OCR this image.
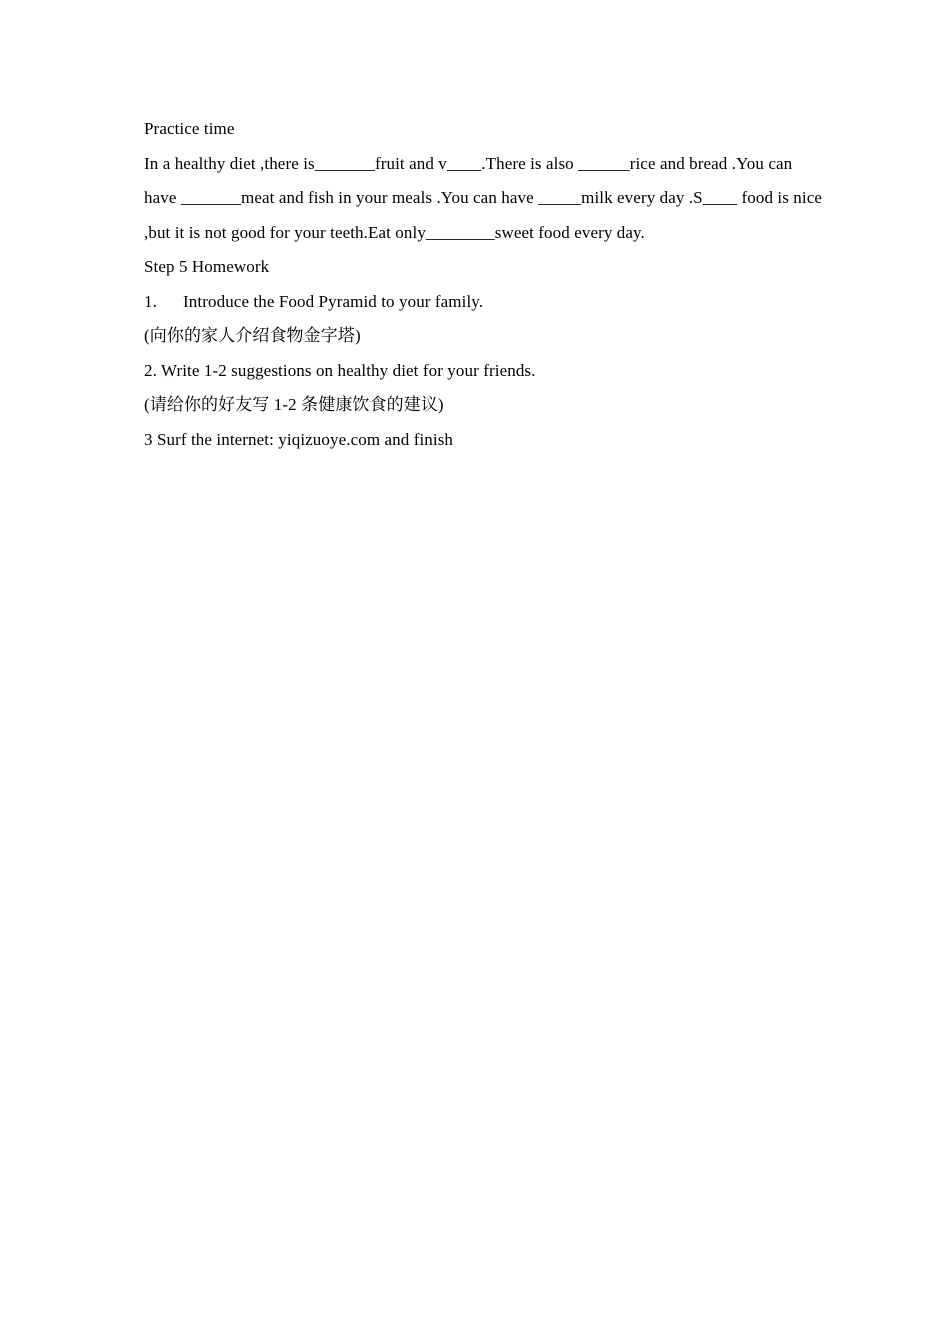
Practice time
In a healthy diet ,there is_______fruit and v____.There is also ______rice and bread .You can
have _______meat and fish in your meals .You can have _____milk every day .S____ food is nice
,but it is not good for your teeth.Eat only________sweet food every day.
Step 5 Homework
1.      Introduce the Food Pyramid to your family.
(向你的家人介绍食物金字塔)
2. Write 1-2 suggestions on healthy diet for your friends.
(请给你的好友写 1-2 条健康饮食的建议)
3 Surf the internet: yiqizuoye.com and finish
